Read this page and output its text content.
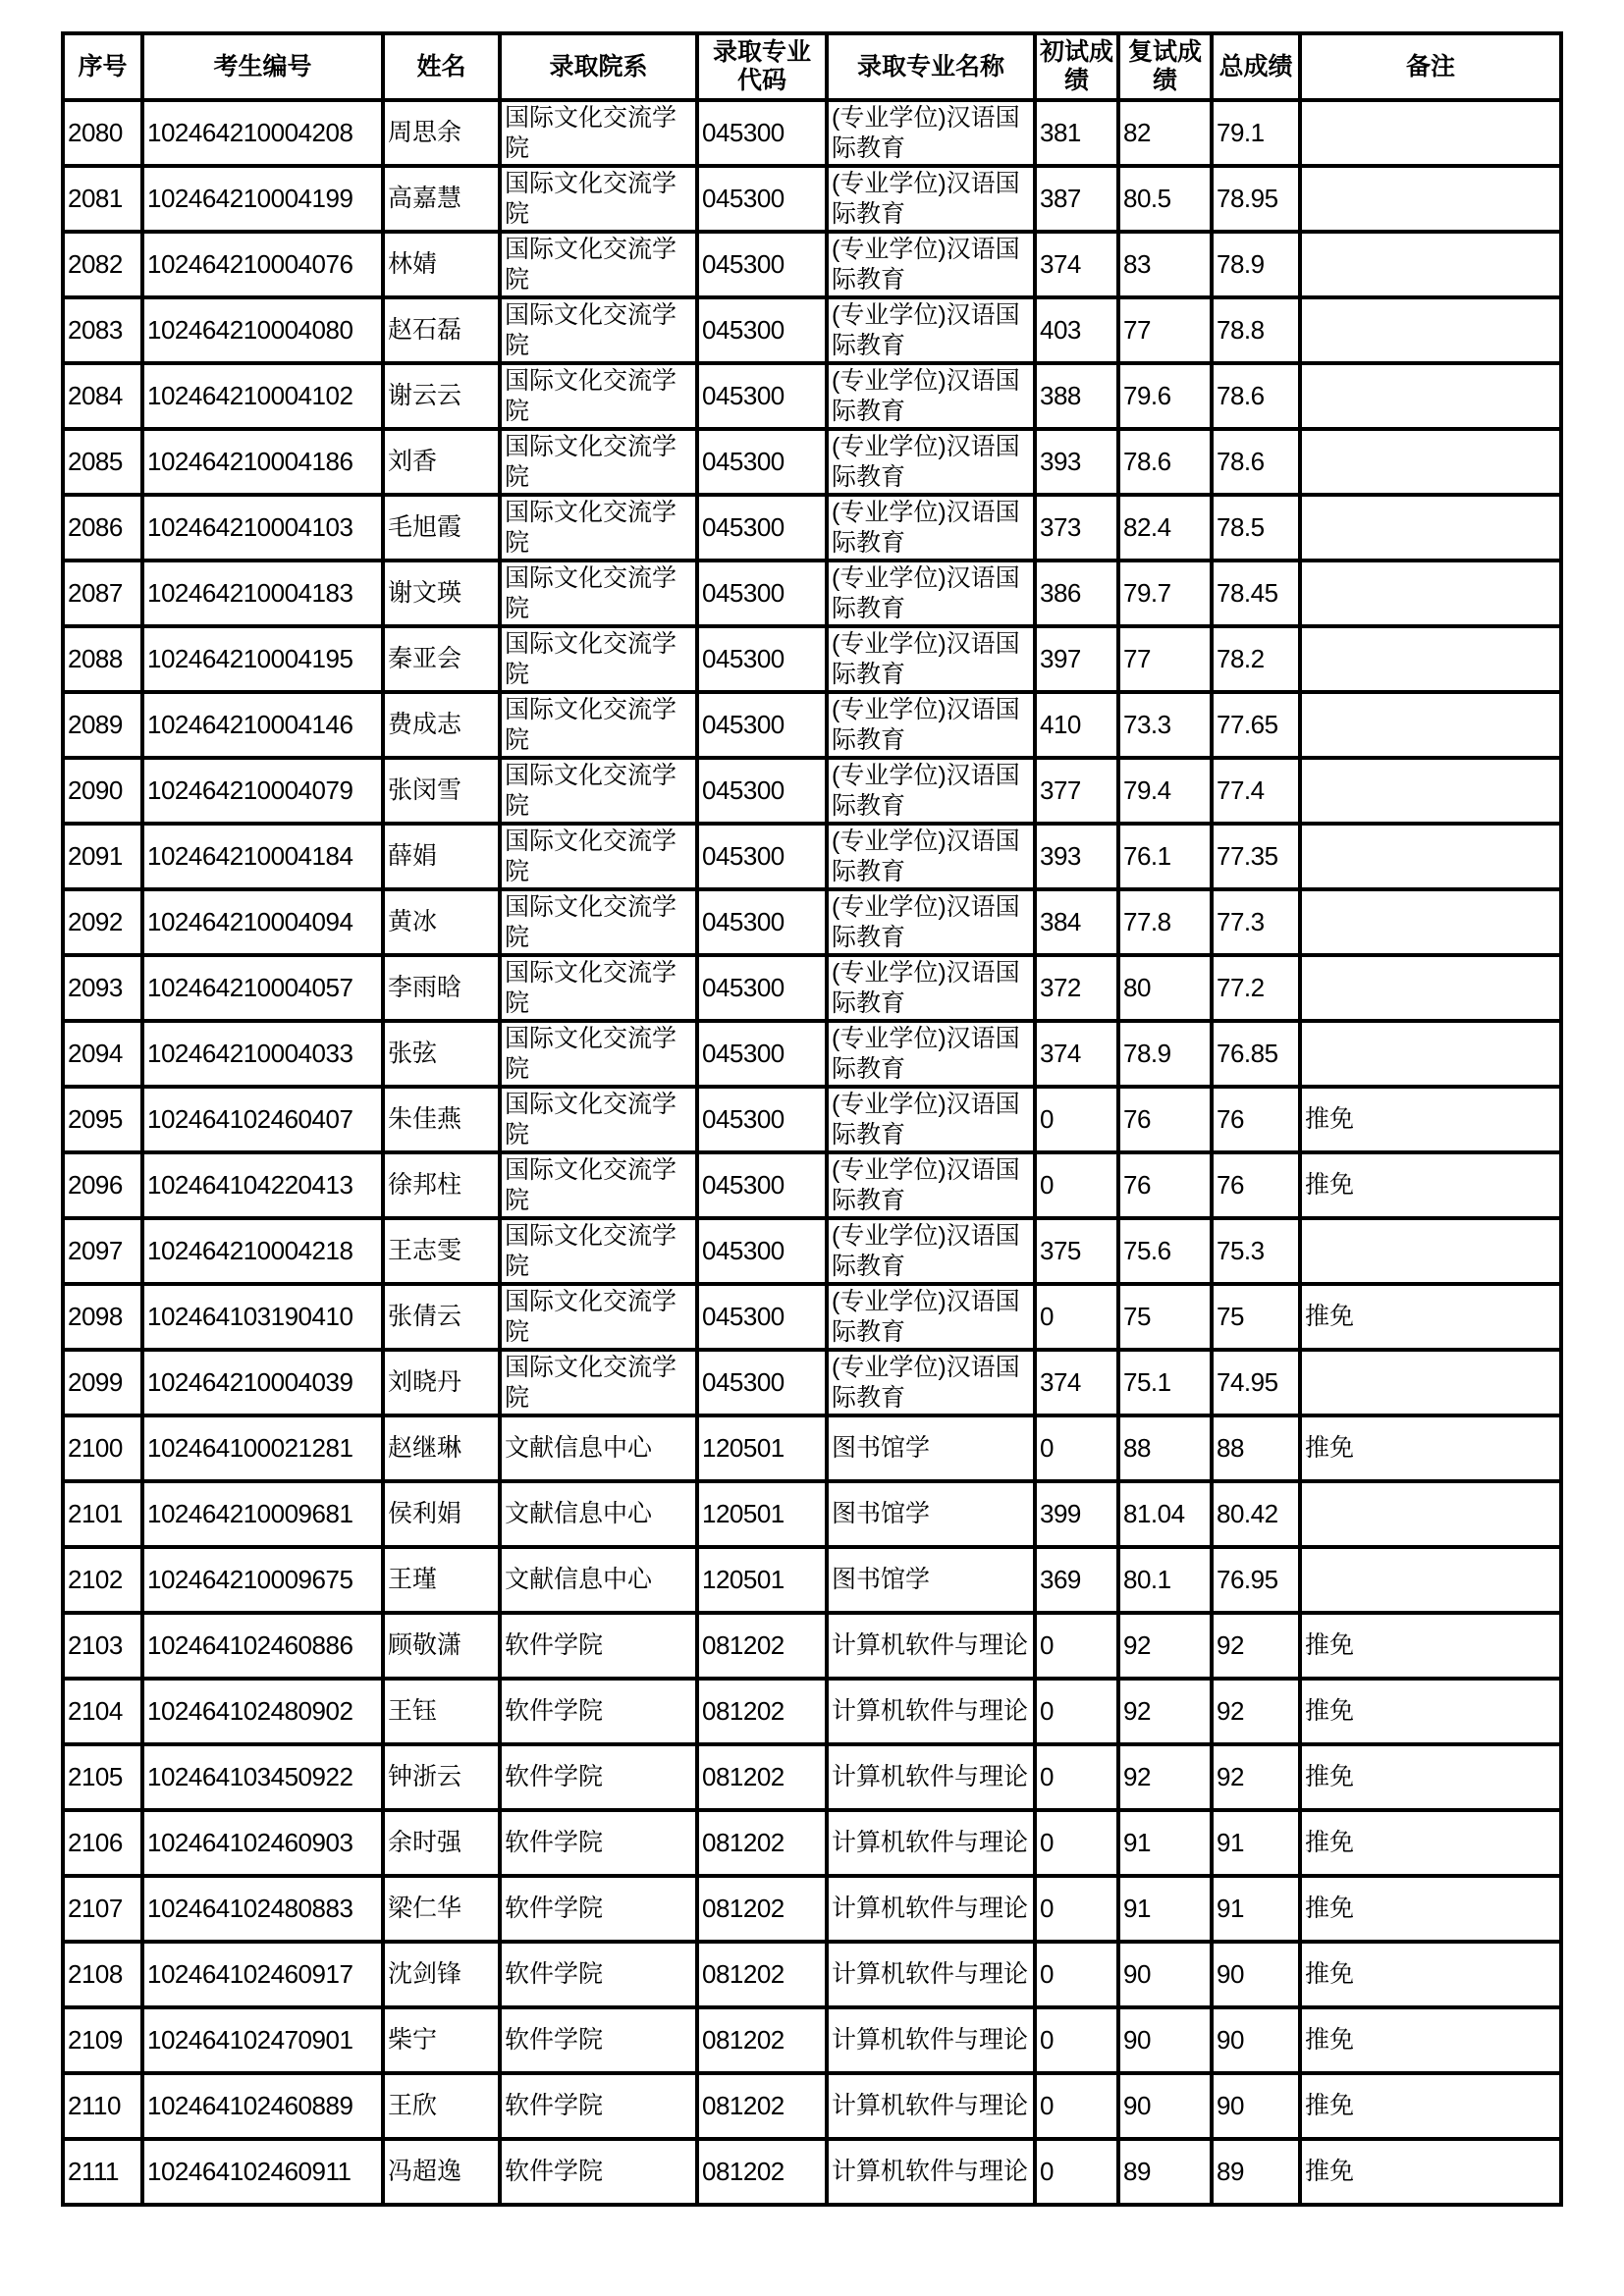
序号	考生编号	姓名	录取院系	录取专业代码	录取专业名称	初试成绩	复试成绩	总成绩	备注
2080	102464210004208	周思余	国际文化交流学院	045300	(专业学位)汉语国际教育	381	82	79.1	
2081	102464210004199	高嘉慧	国际文化交流学院	045300	(专业学位)汉语国际教育	387	80.5	78.95	
2082	102464210004076	林婧	国际文化交流学院	045300	(专业学位)汉语国际教育	374	83	78.9	
2083	102464210004080	赵石磊	国际文化交流学院	045300	(专业学位)汉语国际教育	403	77	78.8	
2084	102464210004102	谢云云	国际文化交流学院	045300	(专业学位)汉语国际教育	388	79.6	78.6	
2085	102464210004186	刘香	国际文化交流学院	045300	(专业学位)汉语国际教育	393	78.6	78.6	
2086	102464210004103	毛旭霞	国际文化交流学院	045300	(专业学位)汉语国际教育	373	82.4	78.5	
2087	102464210004183	谢文瑛	国际文化交流学院	045300	(专业学位)汉语国际教育	386	79.7	78.45	
2088	102464210004195	秦亚会	国际文化交流学院	045300	(专业学位)汉语国际教育	397	77	78.2	
2089	102464210004146	费成志	国际文化交流学院	045300	(专业学位)汉语国际教育	410	73.3	77.65	
2090	102464210004079	张闵雪	国际文化交流学院	045300	(专业学位)汉语国际教育	377	79.4	77.4	
2091	102464210004184	薛娟	国际文化交流学院	045300	(专业学位)汉语国际教育	393	76.1	77.35	
2092	102464210004094	黄冰	国际文化交流学院	045300	(专业学位)汉语国际教育	384	77.8	77.3	
2093	102464210004057	李雨晗	国际文化交流学院	045300	(专业学位)汉语国际教育	372	80	77.2	
2094	102464210004033	张弦	国际文化交流学院	045300	(专业学位)汉语国际教育	374	78.9	76.85	
2095	102464102460407	朱佳燕	国际文化交流学院	045300	(专业学位)汉语国际教育	0	76	76	推免
2096	102464104220413	徐邦柱	国际文化交流学院	045300	(专业学位)汉语国际教育	0	76	76	推免
2097	102464210004218	王志雯	国际文化交流学院	045300	(专业学位)汉语国际教育	375	75.6	75.3	
2098	102464103190410	张倩云	国际文化交流学院	045300	(专业学位)汉语国际教育	0	75	75	推免
2099	102464210004039	刘晓丹	国际文化交流学院	045300	(专业学位)汉语国际教育	374	75.1	74.95	
2100	102464100021281	赵继琳	文献信息中心	120501	图书馆学	0	88	88	推免
2101	102464210009681	侯利娟	文献信息中心	120501	图书馆学	399	81.04	80.42	
2102	102464210009675	王瑾	文献信息中心	120501	图书馆学	369	80.1	76.95	
2103	102464102460886	顾敬潇	软件学院	081202	计算机软件与理论	0	92	92	推免
2104	102464102480902	王钰	软件学院	081202	计算机软件与理论	0	92	92	推免
2105	102464103450922	钟浙云	软件学院	081202	计算机软件与理论	0	92	92	推免
2106	102464102460903	余时强	软件学院	081202	计算机软件与理论	0	91	91	推免
2107	102464102480883	梁仁华	软件学院	081202	计算机软件与理论	0	91	91	推免
2108	102464102460917	沈剑锋	软件学院	081202	计算机软件与理论	0	90	90	推免
2109	102464102470901	柴宁	软件学院	081202	计算机软件与理论	0	90	90	推免
2110	102464102460889	王欣	软件学院	081202	计算机软件与理论	0	90	90	推免
2111	102464102460911	冯超逸	软件学院	081202	计算机软件与理论	0	89	89	推免
